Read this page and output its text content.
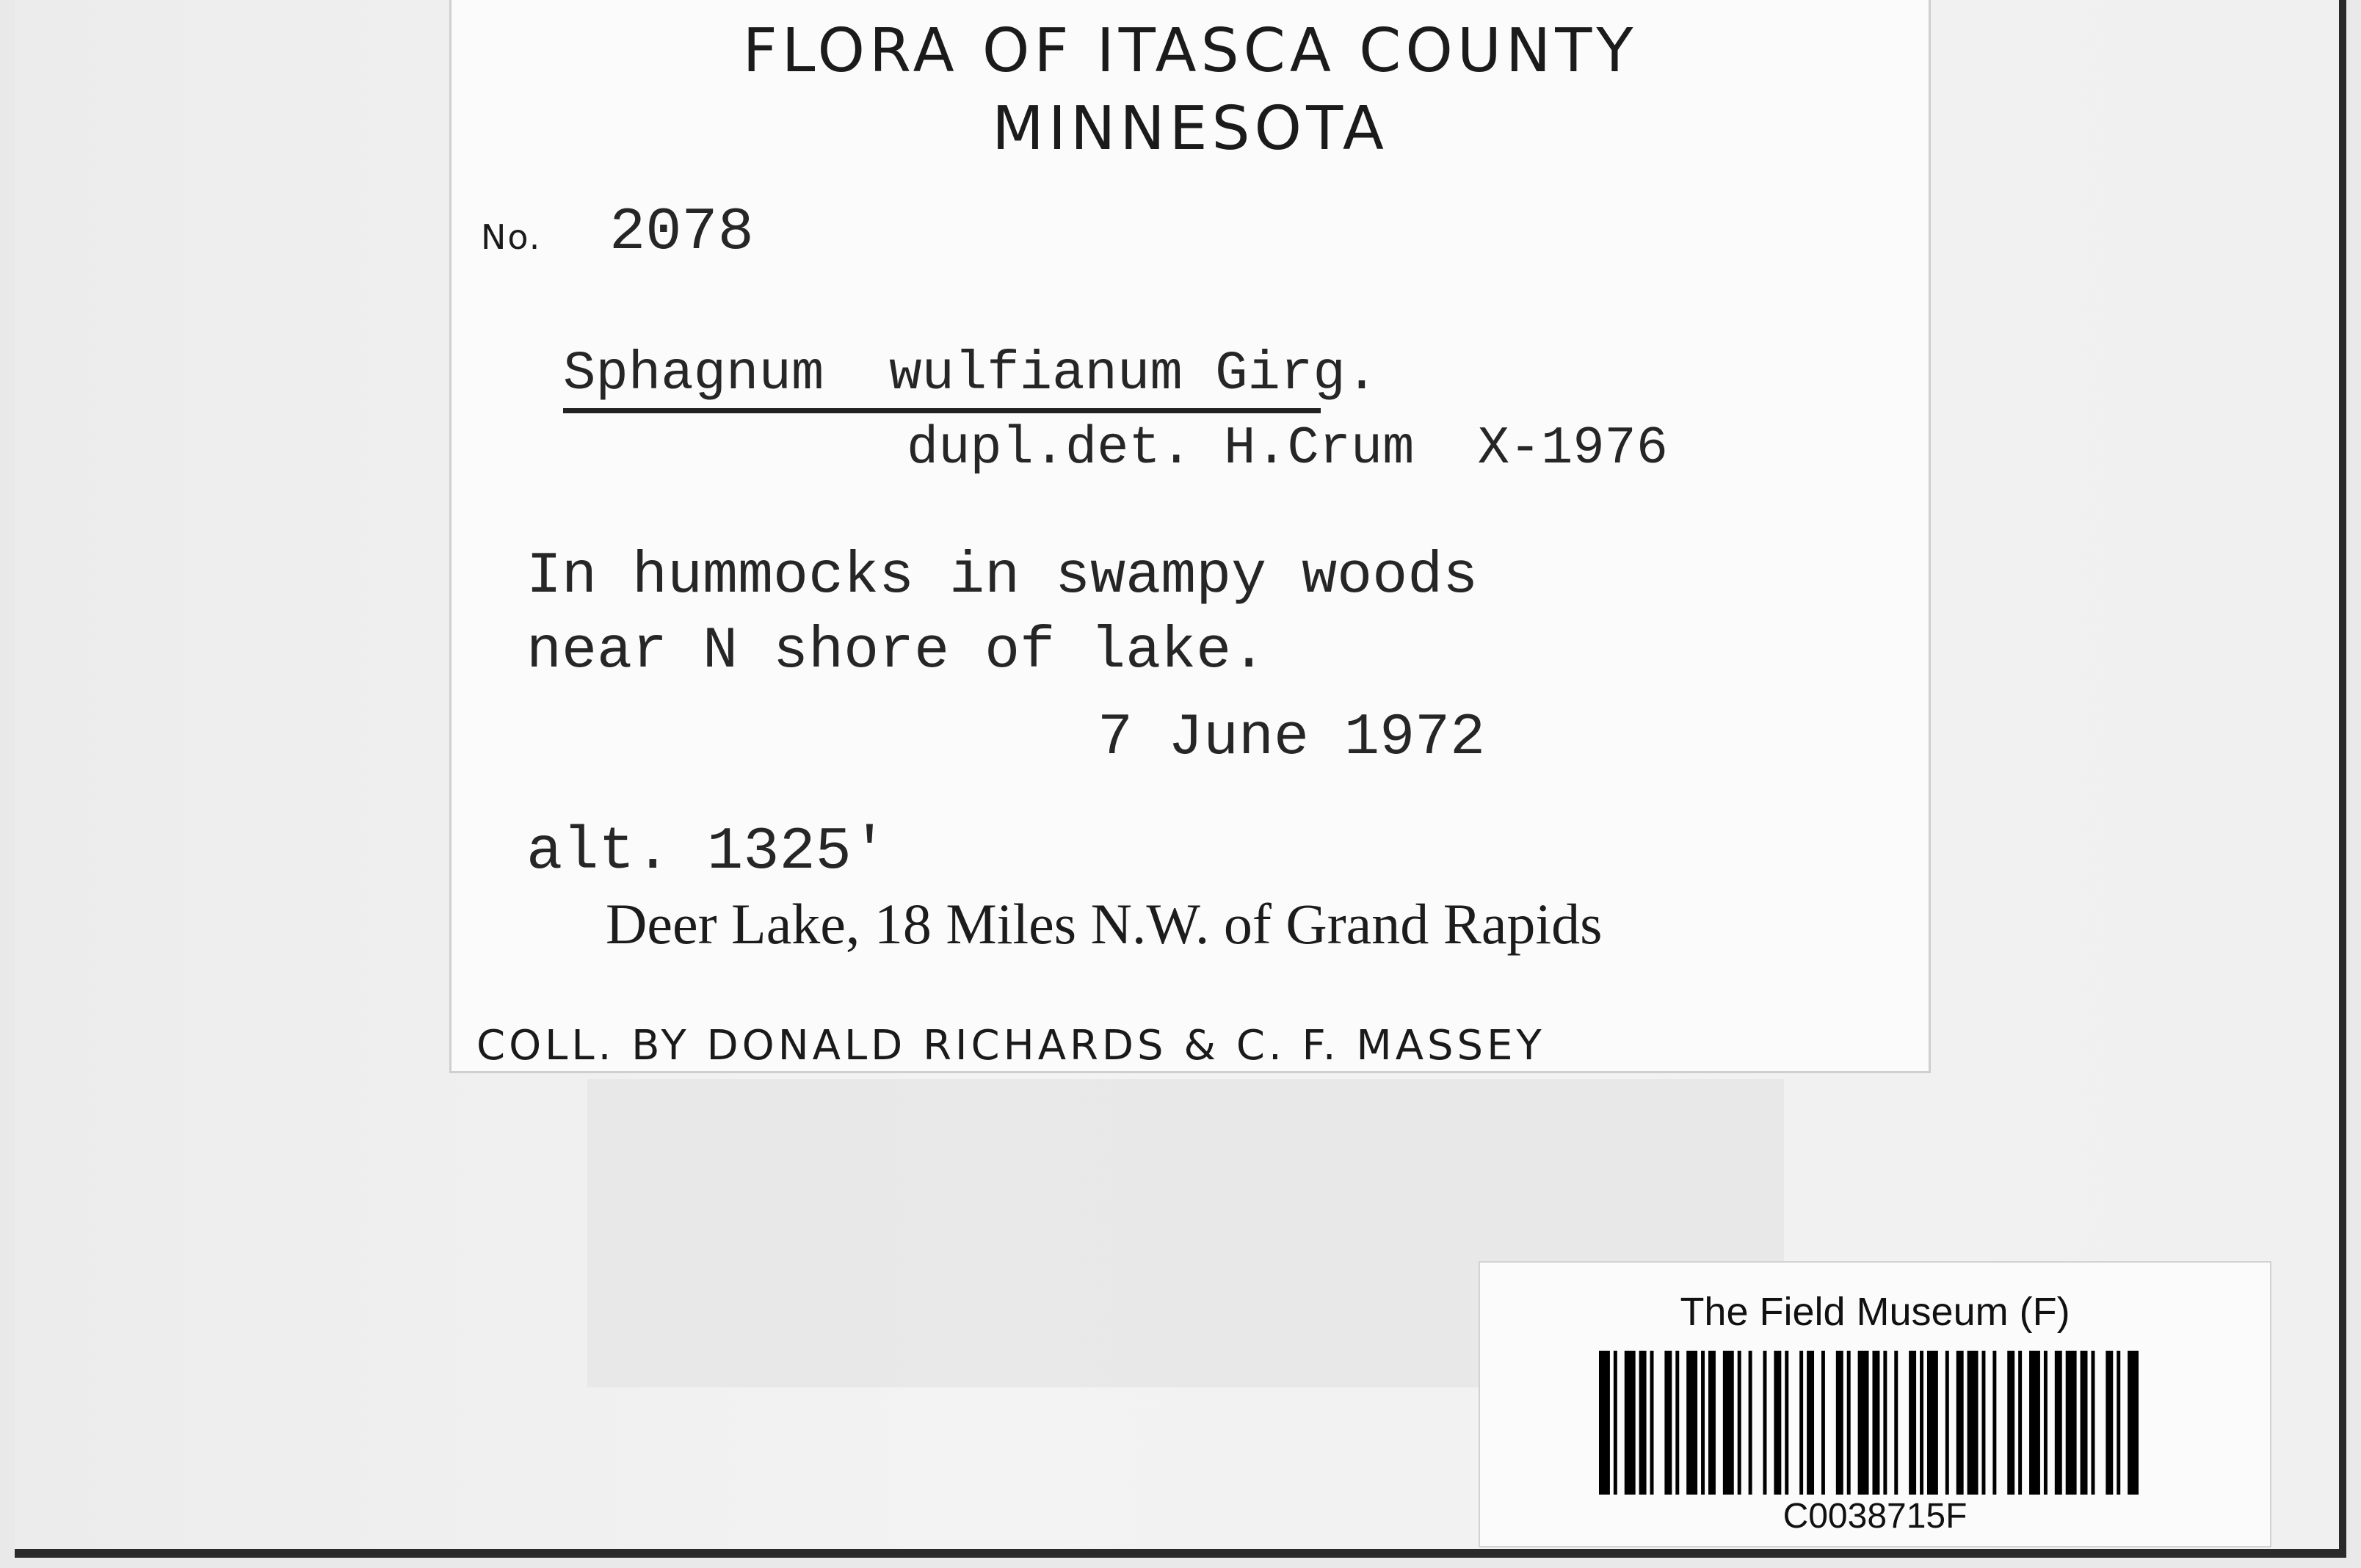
FLORA OF ITASCA COUNTY
MINNESOTA
No. 2078
Sphagnum  wulfianum Girg.
dupl.det. H.Crum  X-1976
In hummocks in swampy woods
near N shore of lake.
7 June 1972
alt. 1325'
Deer Lake, 18 Miles N.W. of Grand Rapids
COLL. BY DONALD RICHARDS & C. F. MASSEY
The Field Museum (F)
C0038715F
